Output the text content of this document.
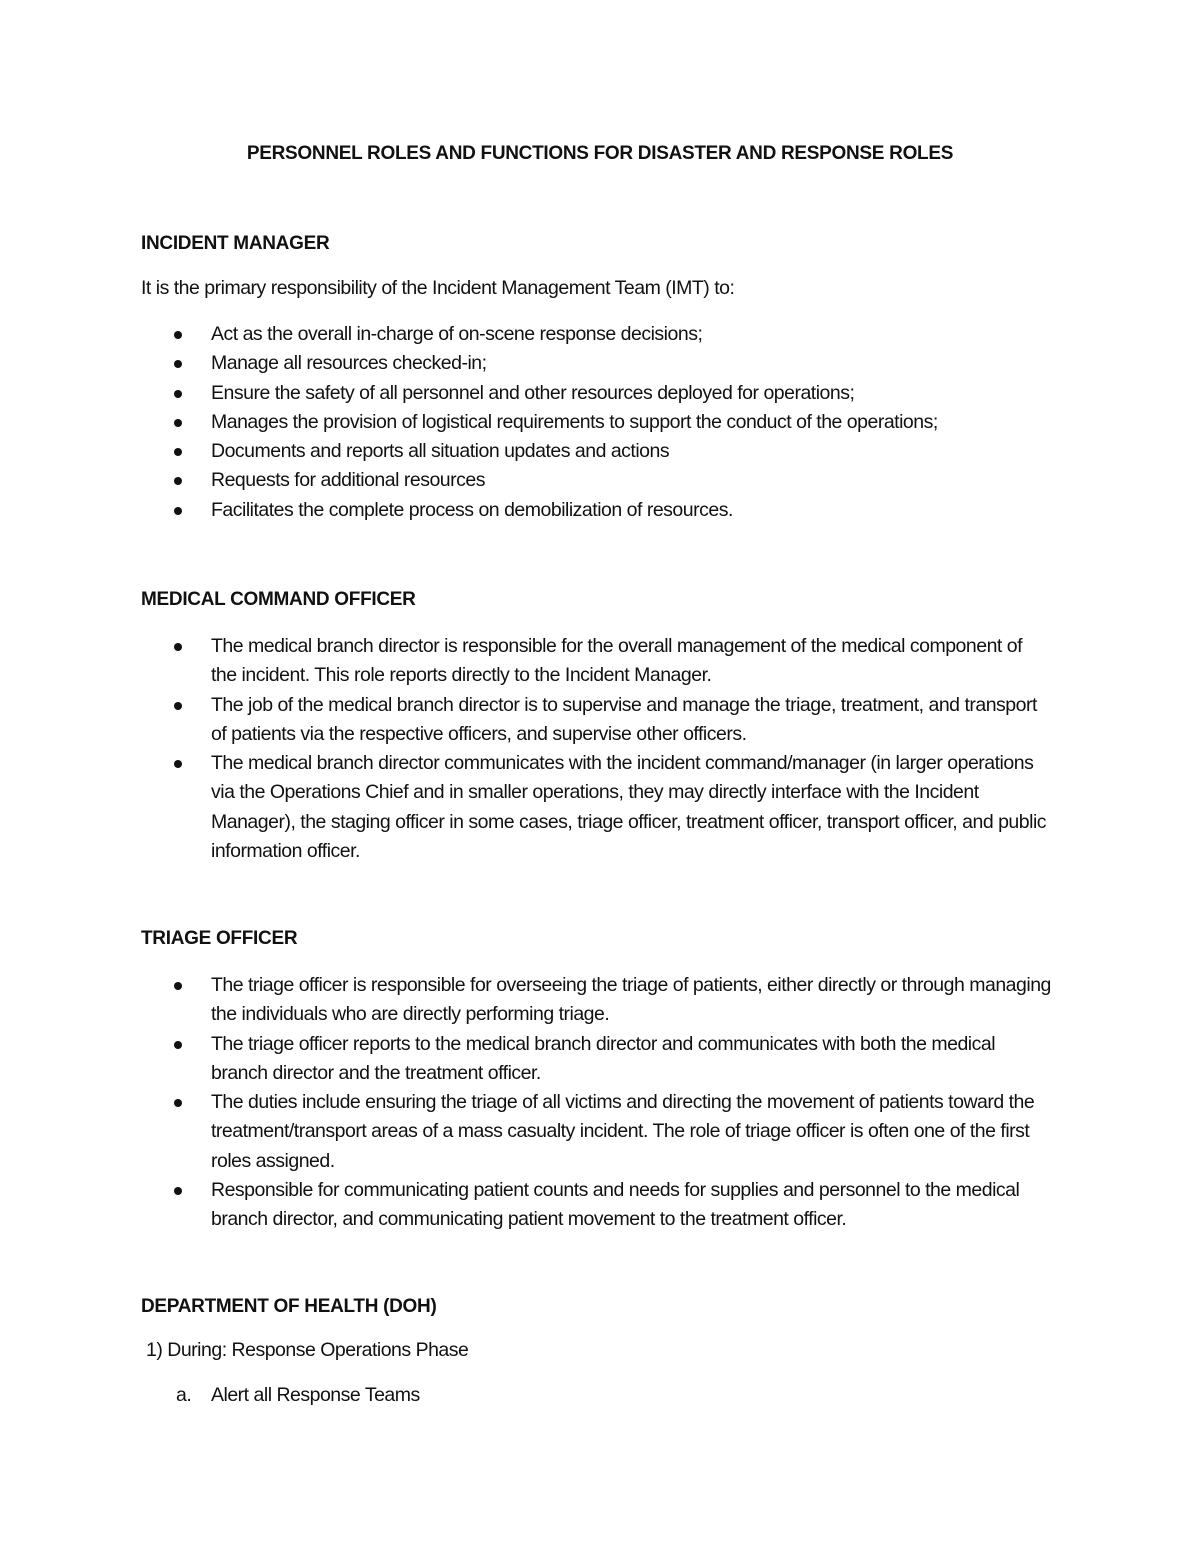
PERSONNEL ROLES AND FUNCTIONS FOR DISASTER AND RESPONSE ROLES
INCIDENT MANAGER

It is the primary responsibility of the Incident Management Team (IMT) to:

Act as the overall in-charge of on-scene response decisions;
Manage all resources checked-in;
Ensure the safety of all personnel and other resources deployed for operations;
Manages the provision of logistical requirements to support the conduct of the operations;
Documents and reports all situation updates and actions
Requests for additional resources
Facilitates the complete process on demobilization of resources.
MEDICAL COMMAND OFFICER
The medical branch director is responsible for the overall management of the medical component of the incident. This role reports directly to the Incident Manager.
The job of the medical branch director is to supervise and manage the triage, treatment, and transport of patients via the respective officers, and supervise other officers.
The medical branch director communicates with the incident command/manager (in larger operations via the Operations Chief and in smaller operations, they may directly interface with the Incident Manager), the staging officer in some cases, triage officer, treatment officer, transport officer, and public information officer.
TRIAGE OFFICER
The triage officer is responsible for overseeing the triage of patients, either directly or through managing the individuals who are directly performing triage.
The triage officer reports to the medical branch director and communicates with both the medical branch director and the treatment officer.
The duties include ensuring the triage of all victims and directing the movement of patients toward the treatment/transport areas of a mass casualty incident. The role of triage officer is often one of the first roles assigned.
Responsible for communicating patient counts and needs for supplies and personnel to the medical branch director, and communicating patient movement to the treatment officer.
DEPARTMENT OF HEALTH (DOH)

1) During: Response Operations Phase

a. Alert all Response Teams
